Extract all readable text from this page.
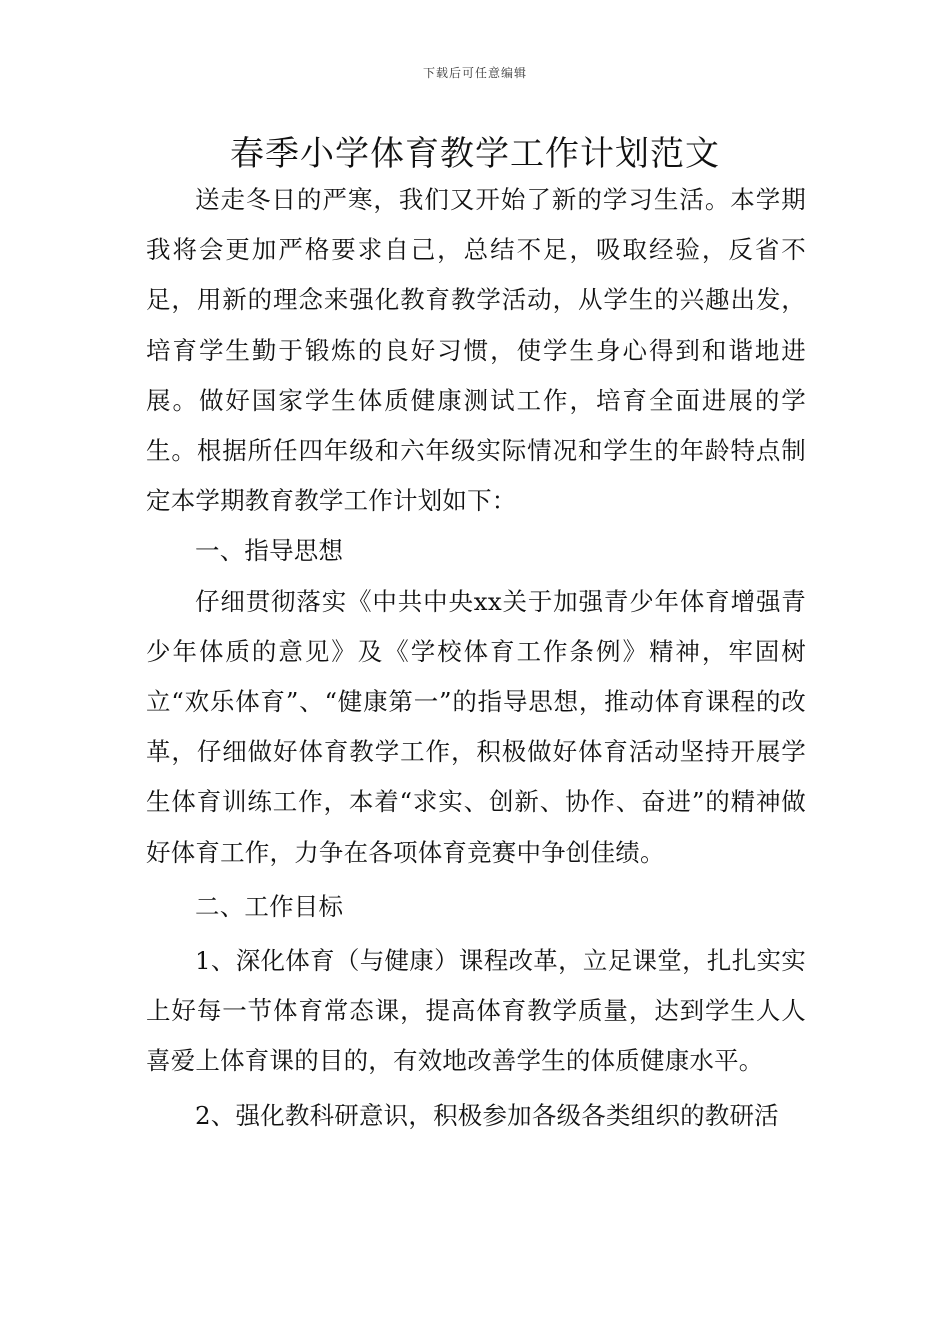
下载后可任意编辑
春季小学体育教学工作计划范文

送走冬日的严寒，我们又开始了新的学习生活。本学期我将会更加严格要求自己，总结不足，吸取经验，反省不足，用新的理念来强化教育教学活动，从学生的兴趣出发，培育学生勤于锻炼的良好习惯，使学生身心得到和谐地进展。做好国家学生体质健康测试工作，培育全面进展的学生。根据所任四年级和六年级实际情况和学生的年龄特点制定本学期教育教学工作计划如下：

一、指导思想

仔细贯彻落实《中共中央xx关于加强青少年体育增强青少年体质的意见》及《学校体育工作条例》精神，牢固树立“欢乐体育”、“健康第一”的指导思想，推动体育课程的改革，仔细做好体育教学工作，积极做好体育活动坚持开展学生体育训练工作，本着“求实、创新、协作、奋进”的精神做好体育工作，力争在各项体育竞赛中争创佳绩。

二、工作目标

1、深化体育（与健康）课程改革，立足课堂，扎扎实实上好每一节体育常态课，提高体育教学质量，达到学生人人喜爱上体育课的目的，有效地改善学生的体质健康水平。

2、强化教科研意识，积极参加各级各类组织的教研活
